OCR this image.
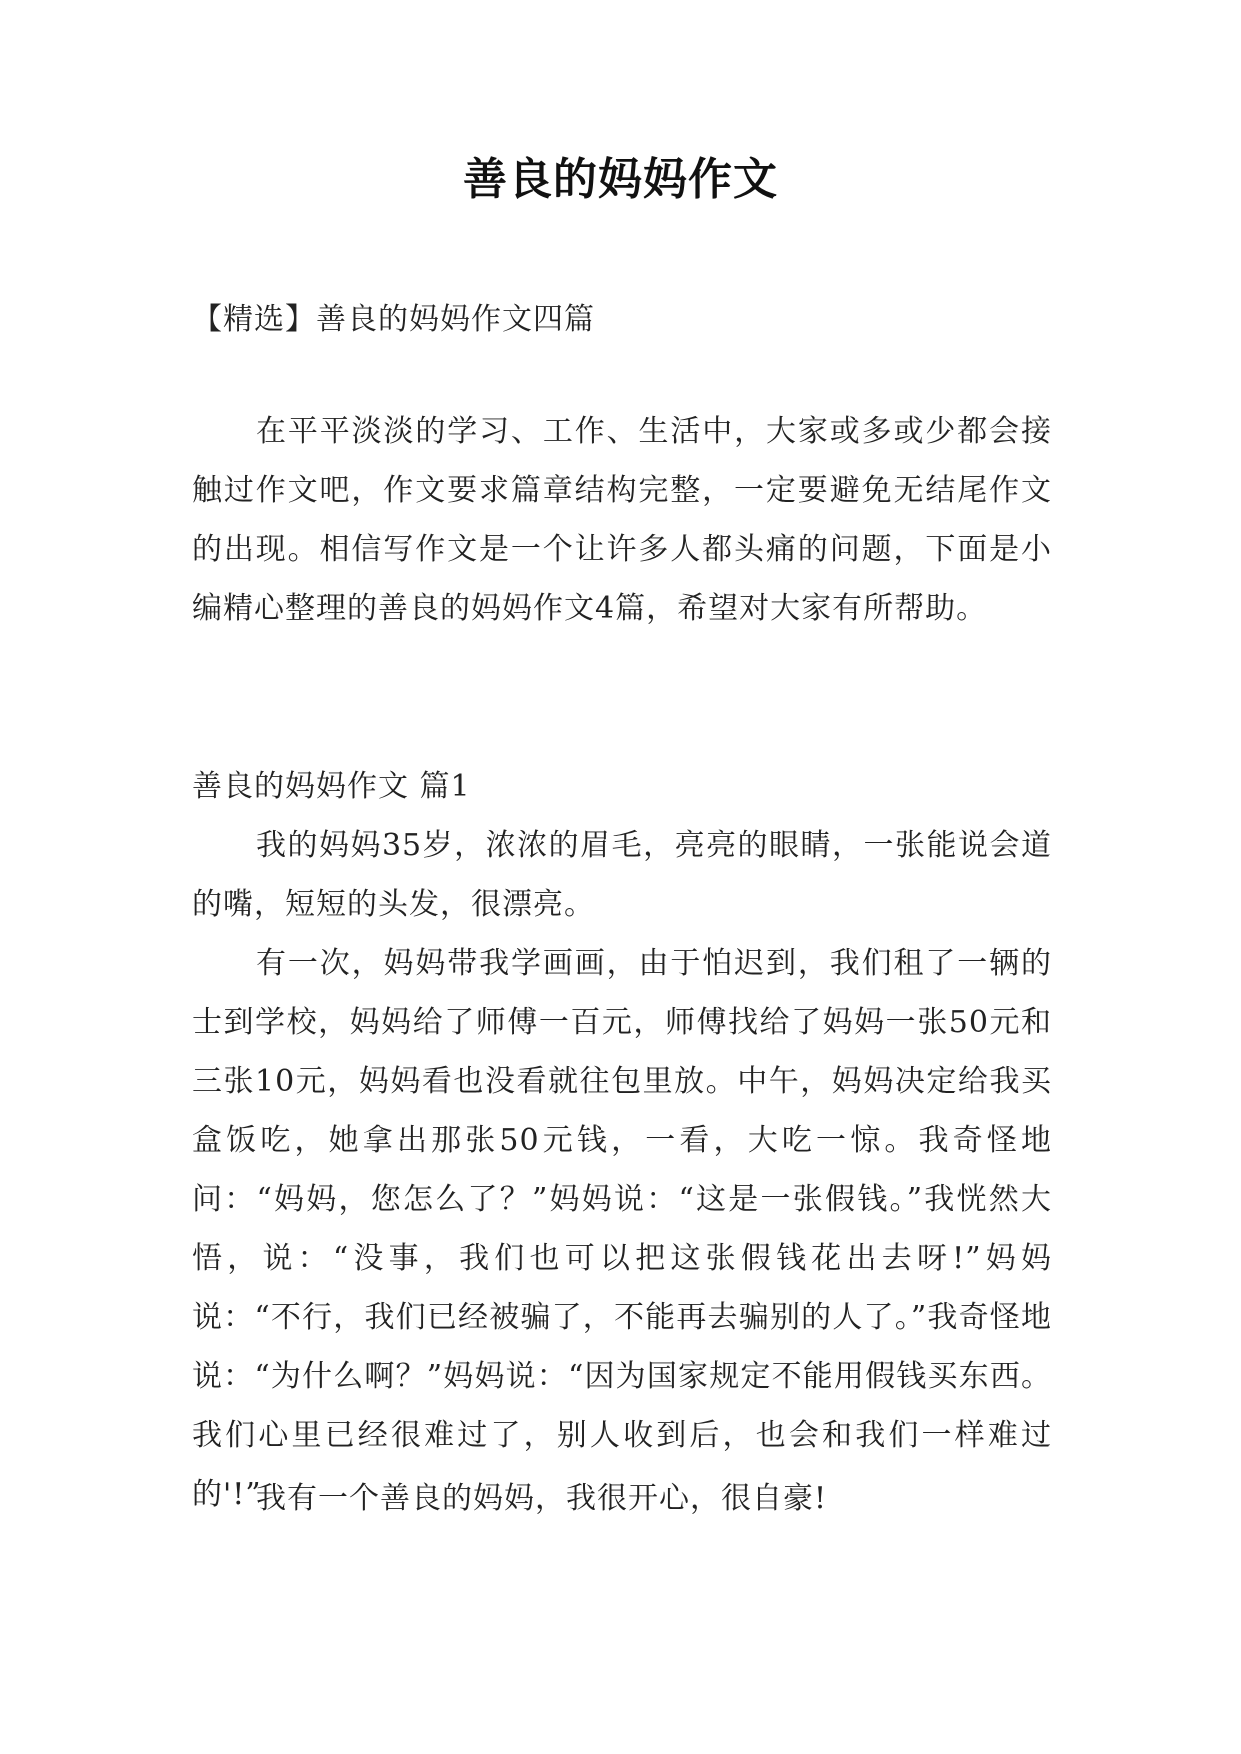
善良的妈妈作文

【精选】善良的妈妈作文四篇

在平平淡淡的学习、工作、生活中，大家或多或少都会接触过作文吧，作文要求篇章结构完整，一定要避免无结尾作文的出现。相信写作文是一个让许多人都头痛的问题，下面是小编精心整理的善良的妈妈作文4篇，希望对大家有所帮助。

善良的妈妈作文 篇1

我的妈妈35岁，浓浓的眉毛，亮亮的眼睛，一张能说会道的嘴，短短的头发，很漂亮。

有一次，妈妈带我学画画，由于怕迟到，我们租了一辆的士到学校，妈妈给了师傅一百元，师傅找给了妈妈一张50元和三张10元，妈妈看也没看就往包里放。中午，妈妈决定给我买盒饭吃，她拿出那张50元钱，一看，大吃一惊。我奇怪地问：“妈妈，您怎么了？”妈妈说：“这是一张假钱。”我恍然大悟，说：“没事，我们也可以把这张假钱花出去呀!”妈妈说：“不行，我们已经被骗了，不能再去骗别的人了。”我奇怪地说：“为什么啊？”妈妈说：“因为国家规定不能用假钱买东西。我们心里已经很难过了，别人收到后，也会和我们一样难过的'!”

我有一个善良的妈妈，我很开心，很自豪!
